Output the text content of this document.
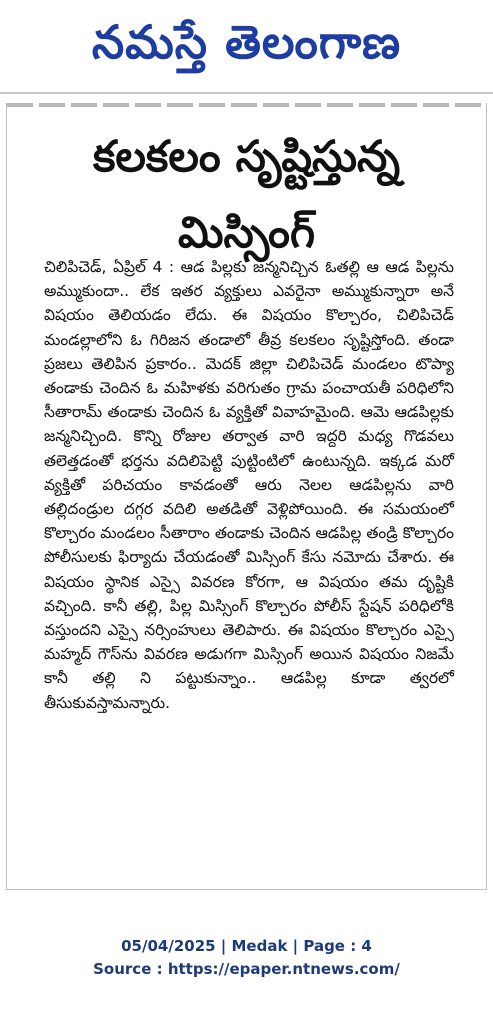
నమస్తే తెలంగాణ
కలకలం సృష్టిస్తున్న
మిస్సింగ్

చిలిపిచెడ్, ఏప్రిల్ 4 : ఆడ పిల్లకు జన్మనిచ్చిన ఓతల్లి ఆ ఆడ పిల్లను అమ్ముకుందా.. లేక ఇతర వ్యక్తులు ఎవరైనా అమ్ముకున్నారా అనే విషయం తెలియడం లేదు. ఈ విషయం కొల్చారం, చిలిపిచెడ్ మండల్లాలోని ఓ గిరిజన తండాలో తీవ్ర కలకలం సృష్టిస్తోంది. తండా ప్రజలు తెలిపిన ప్రకారం.. మెదక్ జిల్లా చిలిపిచెడ్ మండలం టొప్యా తండాకు చెందిన ఓ మహిళకు వరిగుతం గ్రామ పంచాయతీ పరిధిలోని సీతారామ్ తండాకు చెందిన ఓ వ్యక్తితో వివాహమైంది. ఆమె ఆడపిల్లకు జన్మనిచ్చింది. కొన్ని రోజుల తర్వాత వారి ఇద్దరి మధ్య గొడవలు తలెత్తడంతో భర్తను వదిలిపెట్టి పుట్టింటిలో ఉంటున్నది. ఇక్కడ మరో వ్యక్తితో పరిచయం కావడంతో ఆరు నెలల ఆడపిల్లను వారి తల్లిదండ్రుల దగ్గర వదిలి అతడితో వెళ్లిపోయింది. ఈ సమయంలో కొల్చారం మండలం సీతారాం తండాకు చెందిన ఆడపిల్ల తండ్రి కొల్చారం పోలీసులకు ఫిర్యాదు చేయడంతో మిస్సింగ్ కేసు నమోదు చేశారు. ఈ విషయం స్థానిక ఎస్సై వివరణ కోరగా, ఆ విషయం తమ దృష్టికి వచ్చింది. కానీ తల్లి, పిల్ల మిస్సింగ్ కొల్చారం పోలీస్ స్టేషన్ పరిధిలోకి వస్తుందని ఎస్సై నర్సింహులు తెలిపారు. ఈ విషయం కొల్చారం ఎస్సై మహ్మద్ గౌస్‌ను వివరణ అడుగగా మిస్సింగ్ అయిన విషయం నిజమే కానీ తల్లి ని పట్టుకున్నాం.. ఆడపిల్ల కూడా త్వరలో తీసుకువస్తామన్నారు.

05/04/2025 | Medak | Page : 4
Source : https://epaper.ntnews.com/
